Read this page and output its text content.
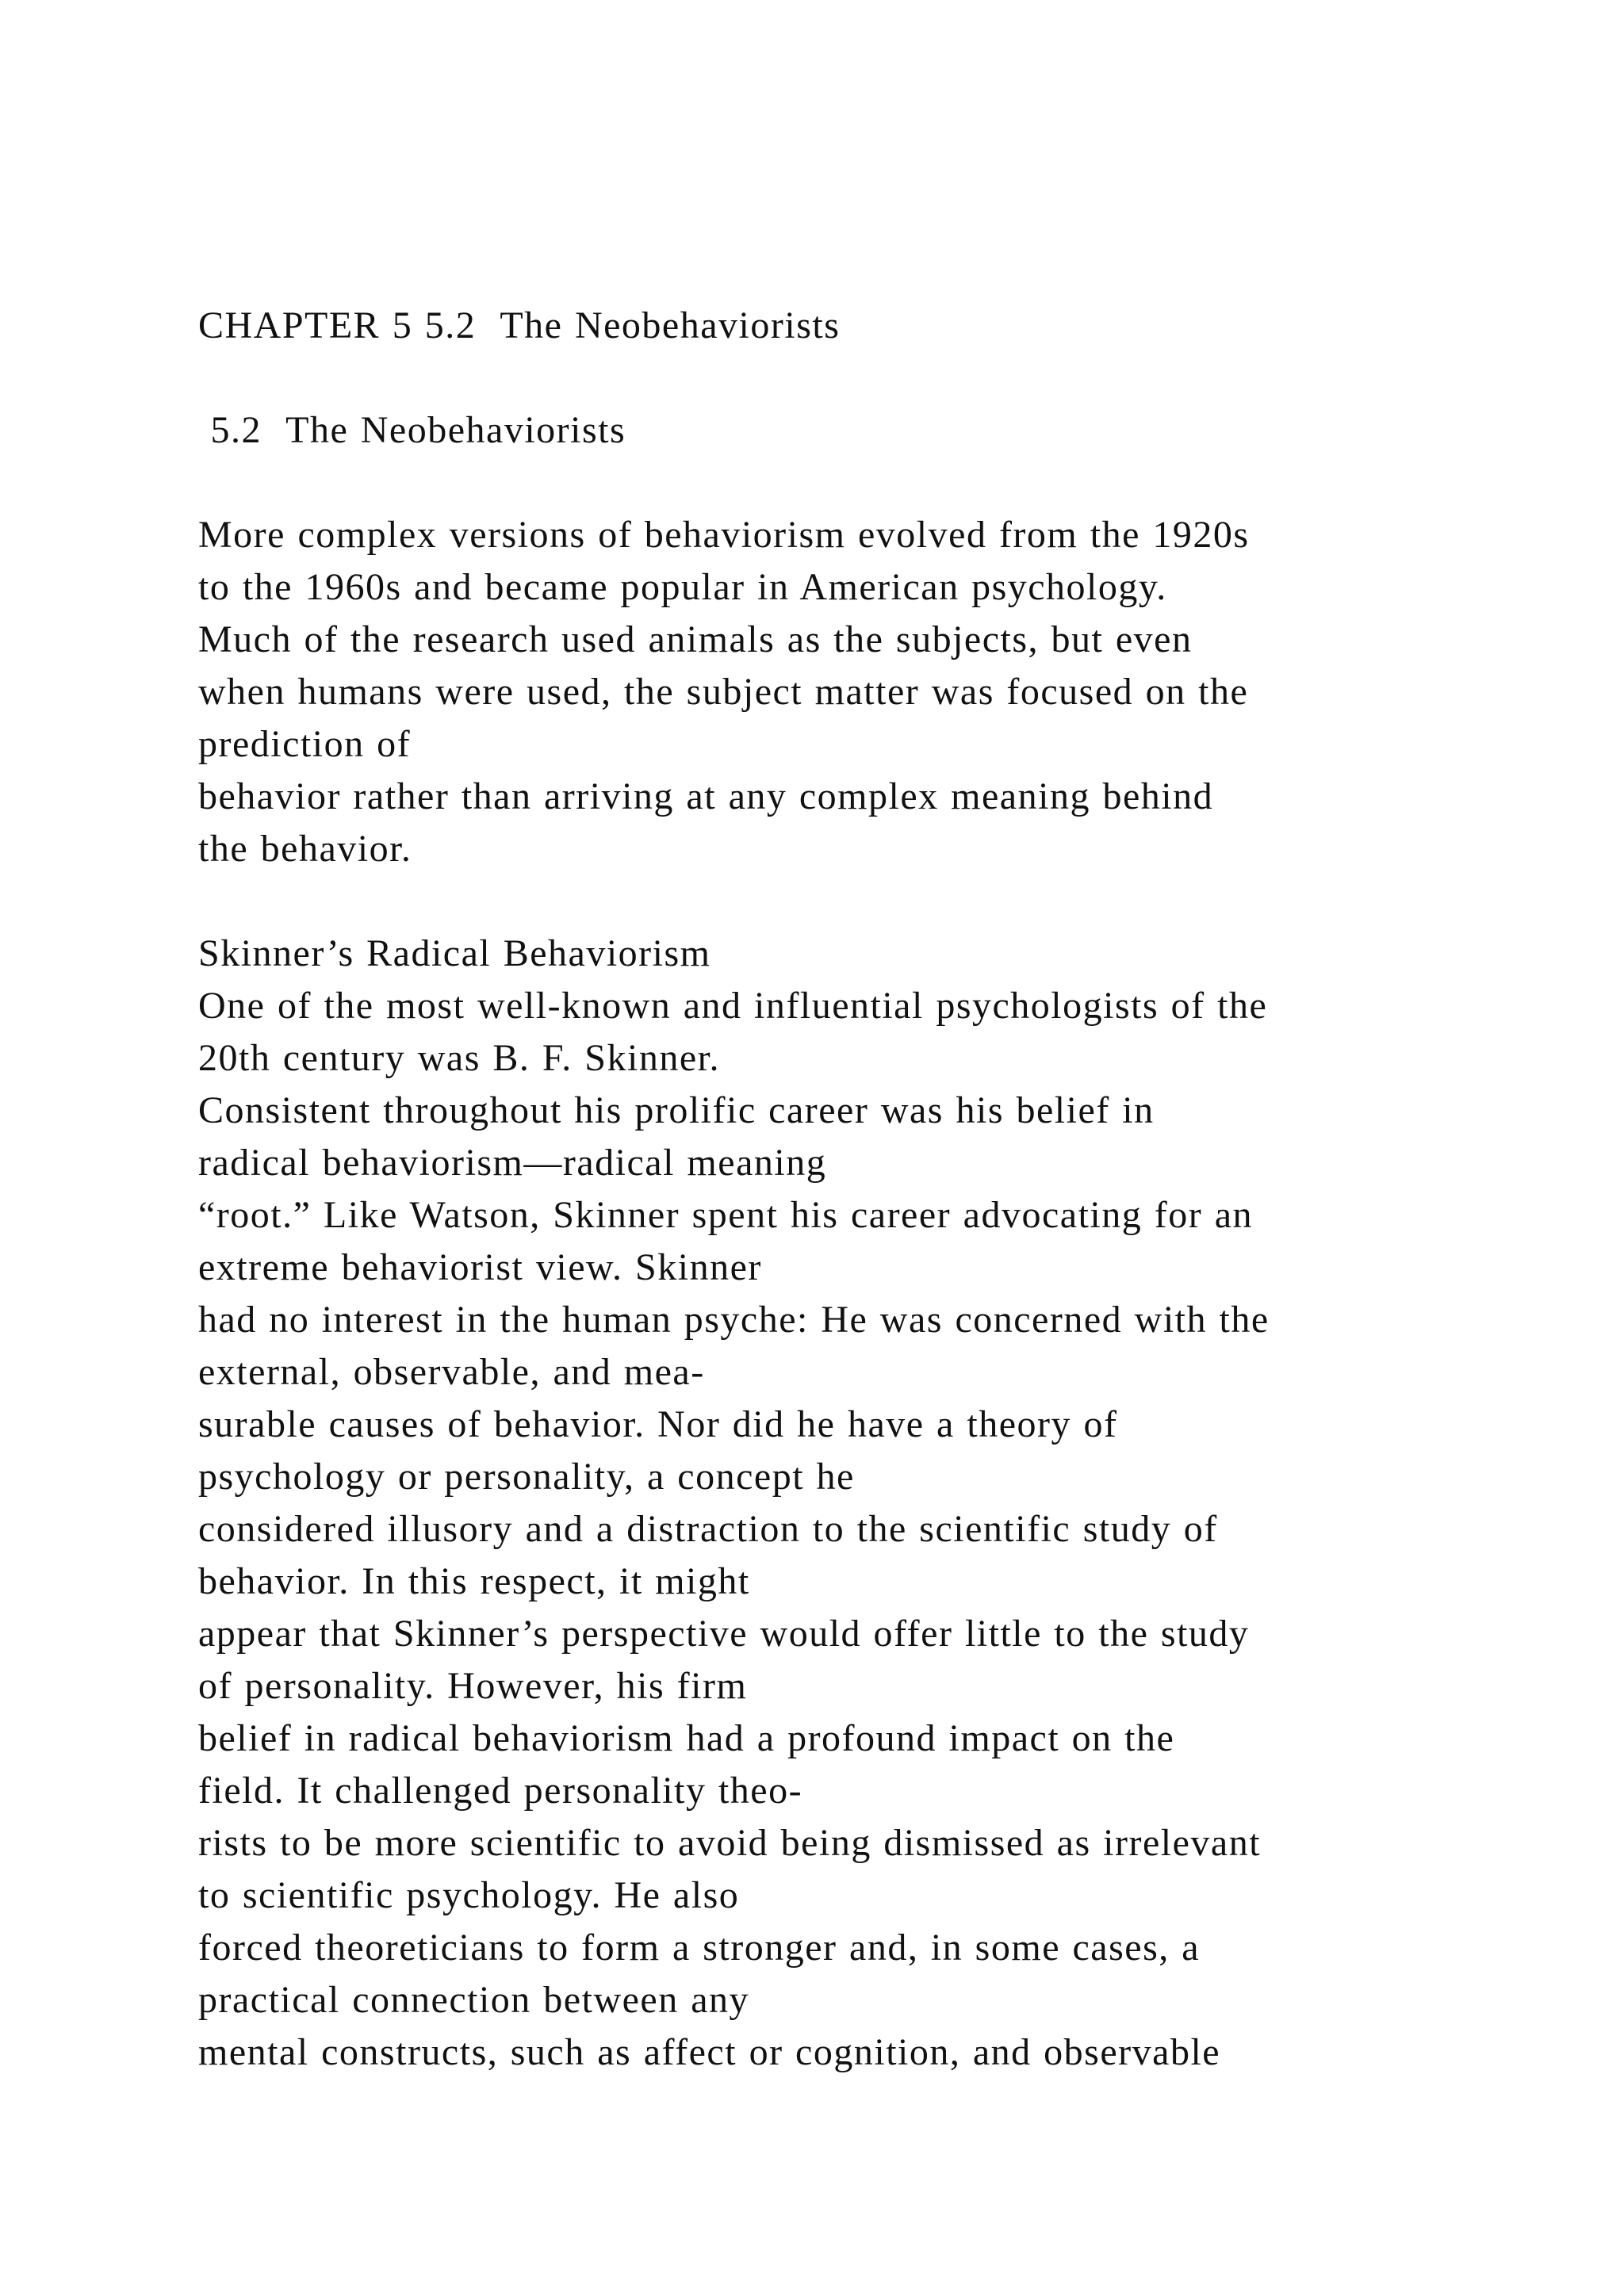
CHAPTER 5 5.2  The Neobehaviorists
5.2  The Neobehaviorists
More complex versions of behaviorism evolved from the 1920s
to the 1960s and became popular in American psychology.
Much of the research used animals as the subjects, but even
when humans were used, the subject matter was focused on the
prediction of
behavior rather than arriving at any complex meaning behind
the behavior.
Skinner’s Radical Behaviorism
One of the most well-known and influential psychologists of the
20th century was B. F. Skinner.
Consistent throughout his prolific career was his belief in
radical behaviorism—radical meaning
“root.” Like Watson, Skinner spent his career advocating for an
extreme behaviorist view. Skinner
had no interest in the human psyche: He was concerned with the
external, observable, and mea-
surable causes of behavior. Nor did he have a theory of
psychology or personality, a concept he
considered illusory and a distraction to the scientific study of
behavior. In this respect, it might
appear that Skinner’s perspective would offer little to the study
of personality. However, his firm
belief in radical behaviorism had a profound impact on the
field. It challenged personality theo-
rists to be more scientific to avoid being dismissed as irrelevant
to scientific psychology. He also
forced theoreticians to form a stronger and, in some cases, a
practical connection between any
mental constructs, such as affect or cognition, and observable
